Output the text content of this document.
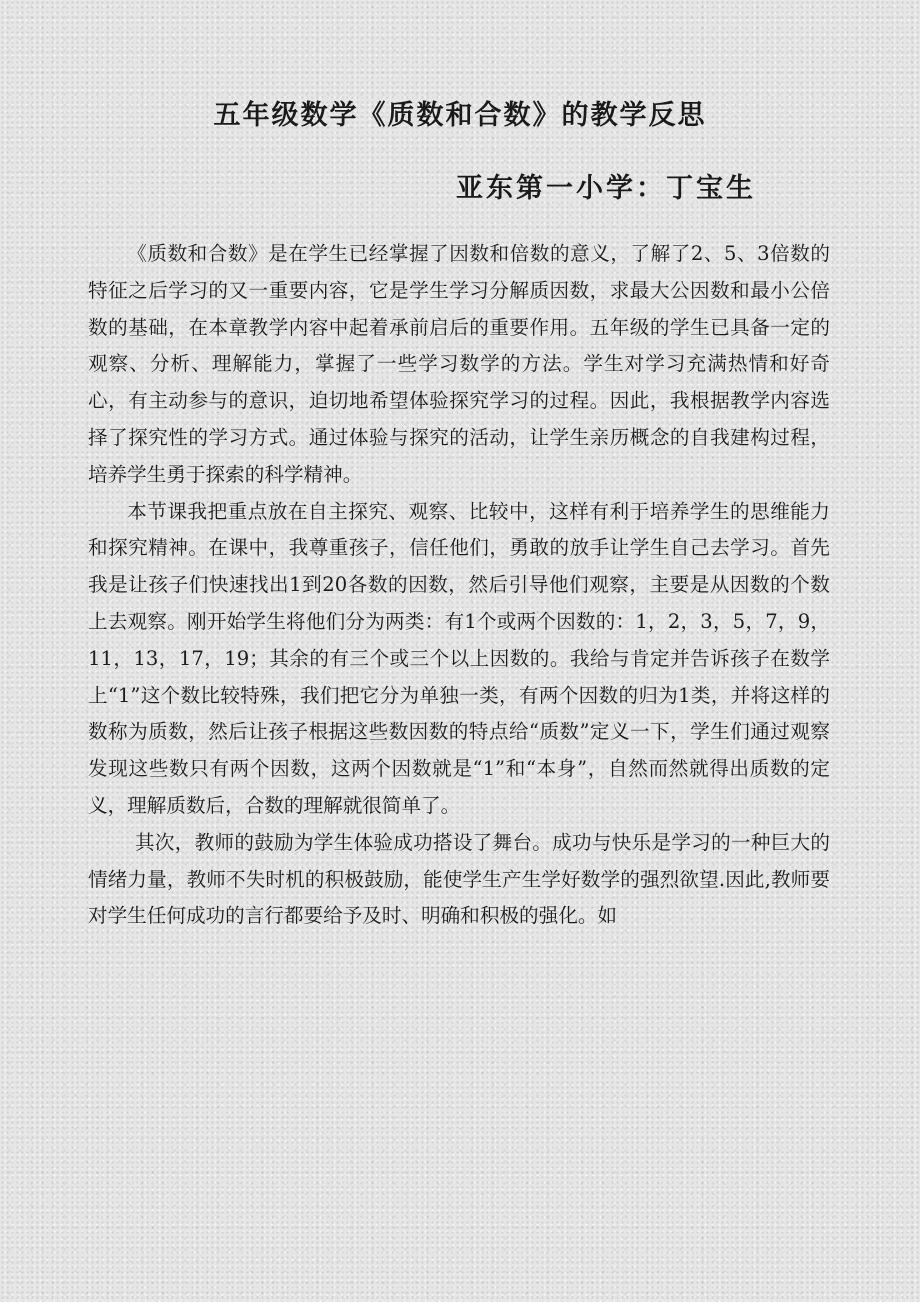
五年级数学《质数和合数》的教学反思
亚东第一小学：丁宝生

《质数和合数》是在学生已经掌握了因数和倍数的意义，了解了2、5、3倍数的特征之后学习的又一重要内容，它是学生学习分解质因数，求最大公因数和最小公倍数的基础，在本章教学内容中起着承前启后的重要作用。五年级的学生已具备一定的观察、分析、理解能力，掌握了一些学习数学的方法。学生对学习充满热情和好奇心，有主动参与的意识，迫切地希望体验探究学习的过程。因此，我根据教学内容选择了探究性的学习方式。通过体验与探究的活动，让学生亲历概念的自我建构过程，培养学生勇于探索的科学精神。

本节课我把重点放在自主探究、观察、比较中，这样有利于培养学生的思维能力和探究精神。在课中，我尊重孩子，信任他们，勇敢的放手让学生自己去学习。首先我是让孩子们快速找出1到20各数的因数，然后引导他们观察，主要是从因数的个数上去观察。刚开始学生将他们分为两类：有1个或两个因数的：1，2，3，5，7，9，11，13，17，19；其余的有三个或三个以上因数的。我给与肯定并告诉孩子在数学上“1”这个数比较特殊，我们把它分为单独一类，有两个因数的归为1类，并将这样的数称为质数，然后让孩子根据这些数因数的特点给“质数”定义一下，学生们通过观察发现这些数只有两个因数，这两个因数就是“1”和“本身”，自然而然就得出质数的定义，理解质数后，合数的理解就很简单了。

其次，教师的鼓励为学生体验成功搭设了舞台。成功与快乐是学习的一种巨大的情绪力量，教师不失时机的积极鼓励，能使学生产生学好数学的强烈欲望.因此,教师要对学生任何成功的言行都要给予及时、明确和积极的强化。如
